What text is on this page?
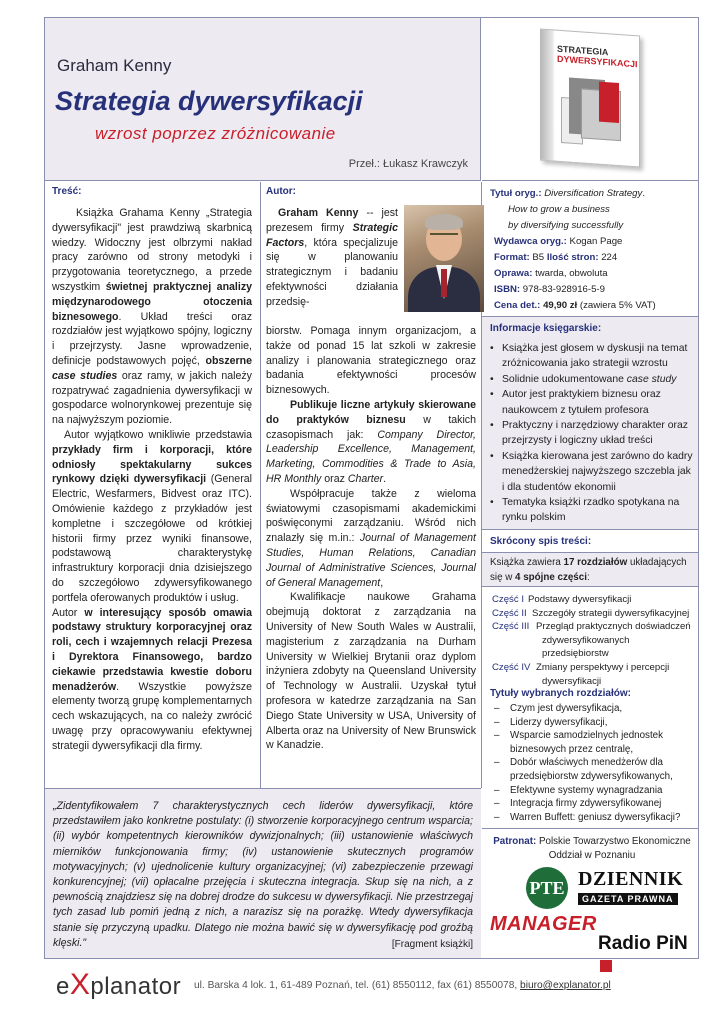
Graham Kenny
Strategia dywersyfikacji
wzrost poprzez zróżnicowanie
Przeł.: Łukasz Krawczyk
STRATEGIA
DYWERSYFIKACJI
Treść:	Autor:

Książka Grahama Kenny „Strategia dywersyfikacji" jest prawdziwą skarbnicą wiedzy. Widoczny jest olbrzymi nakład pracy zarówno od strony metodyki i przygotowania teoretycznego, a przede wszystkim świetnej praktycznej analizy międzynarodowego otoczenia biznesowego. Układ treści oraz rozdziałów jest wyjątkowo spójny, logiczny i przejrzysty. Jasne wprowadzenie, definicje podstawowych pojęć, obszerne case studies oraz ramy, w jakich należy rozpatrywać zagadnienia dywersyfikacji w gospodarce wolnorynkowej prezentuje się na najwyższym poziomie.

Autor wyjątkowo wnikliwie przedstawia przykłady firm i korporacji, które odniosły spektakularny sukces rynkowy dzięki dywersyfikacji (General Electric, Wesfarmers, Bidvest oraz ITC). Omówienie każdego z przykładów jest kompletne i szczegółowe od krótkiej historii firmy przez wyniki finansowe, podstawową charakterystykę infrastruktury korporacji dnia dzisiejszego do szczegółowo zdywersyfikowanego portfela oferowanych produktów i usług.

Autor w interesujący sposób omawia podstawy struktury korporacyjnej oraz roli, cech i wzajemnych relacji Prezesa i Dyrektora Finansowego, bardzo ciekawie przedstawia kwestie doboru menadżerów. Wszystkie powyższe elementy tworzą grupę komplementarnych cech wskazujących, na co należy zwrócić uwagę przy opracowywaniu efektywnej strategii dywersyfikacji dla firmy.

Graham Kenny -- jest prezesem firmy Strategic Factors, która specjalizuje się w planowaniu strategicznym i badaniu efektywności działania przedsię-

biorstw. Pomaga innym organizacjom, a także od ponad 15 lat szkoli w zakresie analizy i planowania strategicznego oraz badania efektywności procesów biznesowych.

Publikuje liczne artykuły skierowane do praktyków biznesu w takich czasopismach jak: Company Director, Leadership Excellence, Management, Marketing, Commodities & Trade to Asia, HR Monthly oraz Charter.

Współpracuje także z wieloma światowymi czasopismami akademickimi poświęconymi zarządzaniu. Wśród nich znalazły się m.in.: Journal of Management Studies, Human Relations, Canadian Journal of Administrative Sciences, Journal of General Management,

Kwalifikacje naukowe Grahama obejmują doktorat z zarządzania na University of New South Wales w Australii, magisterium z zarządzania na Durham University w Wielkiej Brytanii oraz dyplom inżyniera zdobyty na Queensland University of Technology w Australii. Uzyskał tytuł profesora w katedrze zarządzania na San Diego State University w USA, University of Alberta oraz na University of New Brunswick w Kanadzie.

Tytuł oryg.: Diversification Strategy.
How to grow a business
by diversifying successfully
Wydawca oryg.: Kogan Page
Format: B5 Ilość stron: 224
Oprawa: twarda, obwoluta
ISBN: 978-83-928916-5-9
Cena det.: 49,90 zł (zawiera 5% VAT)
Informacje księgarskie:
• Książka jest głosem w dyskusji na temat zróżnicowania jako strategii wzrostu
• Solidnie udokumentowane case study
• Autor jest praktykiem biznesu oraz naukowcem z tytułem profesora
• Praktyczny i narzędziowy charakter oraz przejrzysty i logiczny układ treści
• Książka kierowana jest zarówno do kadry menedżerskiej najwyższego szczebla jak i dla studentów ekonomii
• Tematyka książki rzadko spotykana na rynku polskim
Skrócony spis treści:
Książka zawiera 17 rozdziałów układających się w 4 spójne części:
Część I Podstawy dywersyfikacji
Część II Szczegóły strategii dywersyfikacyjnej
Część III Przegląd praktycznych doświadczeń
zdywersyfikowanych przedsiębiorstw
Część IV Zmiany perspektywy i percepcji
dywersyfikacji
Tytuły wybranych rozdziałów:
– Czym jest dywersyfikacja,
– Liderzy dywersyfikacji,
– Wsparcie samodzielnych jednostek biznesowych przez centralę,
– Dobór właściwych menedżerów dla przedsiębiorstw zdywersyfikowanych,
– Efektywne systemy wynagradzania
– Integracja firmy zdywersyfikowanej
– Warren Buffett: geniusz dywersyfikacji?
Patronat: Polskie Towarzystwo Ekonomiczne Oddział w Poznaniu
PTE DZIENNIK
GAZETA PRAWNA
MANAGER
Radio PiN
„Zidentyfikowałem 7 charakterystycznych cech liderów dywersyfikacji, które przedstawiłem jako konkretne postulaty: (i) stworzenie korporacyjnego centrum wsparcia; (ii) wybór kompetentnych kierowników dywizjonalnych; (iii) ustanowienie właściwych mierników funkcjonowania firmy; (iv) ustanowienie skutecznych programów motywacyjnych; (v) ujednolicenie kultury organizacyjnej; (vi) zabezpieczenie przewagi konkurencyjnej; (vii) opłacalne przejęcia i skuteczna integracja. Skup się na nich, a z pewnością znajdziesz się na dobrej drodze do sukcesu w dywersyfikacji. Nie przestrzegaj tych zasad lub pomiń jedną z nich, a narazisz się na porażkę. Wtedy dywersyfikacja stanie się przyczyną upadku. Dlatego nie można bawić się w dywersyfikację pod groźbą klęski."	[Fragment książki]
eXplanator ul. Barska 4 lok. 1, 61-489 Poznań, tel. (61) 8550112, fax (61) 8550078, biuro@explanator.pl
